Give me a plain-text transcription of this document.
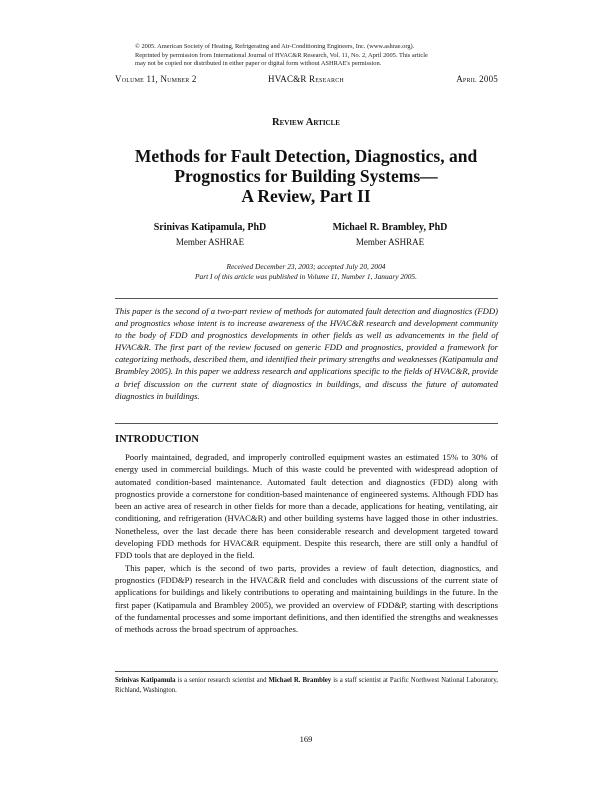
© 2005. American Society of Heating, Refrigerating and Air-Conditioning Engineers, Inc. (www.ashrae.org).
Reprinted by permission from International Journal of HVAC&R Research, Vol. 11, No. 2, April 2005. This article
may not be copied nor distributed in either paper or digital form without ASHRAE's permission.
Volume 11, Number 2	HVAC&R Research	April 2005
Review Article
Methods for Fault Detection, Diagnostics, and
Prognostics for Building Systems—
A Review, Part II
Srinivas Katipamula, PhD
Member ASHRAE
Michael R. Brambley, PhD
Member ASHRAE
Received December 23, 2003; accepted July 20, 2004
Part I of this article was published in Volume 11, Number 1, January 2005.
This paper is the second of a two-part review of methods for automated fault detection and diagnostics (FDD) and prognostics whose intent is to increase awareness of the HVAC&R research and development community to the body of FDD and prognostics developments in other fields as well as advancements in the field of HVAC&R. The first part of the review focused on generic FDD and prognostics, provided a framework for categorizing methods, described them, and identified their primary strengths and weaknesses (Katipamula and Brambley 2005). In this paper we address research and applications specific to the fields of HVAC&R, provide a brief discussion on the current state of diagnostics in buildings, and discuss the future of automated diagnostics in buildings.
INTRODUCTION

Poorly maintained, degraded, and improperly controlled equipment wastes an estimated 15% to 30% of energy used in commercial buildings. Much of this waste could be prevented with widespread adoption of automated condition-based maintenance. Automated fault detection and diagnostics (FDD) along with prognostics provide a cornerstone for condition-based maintenance of engineered systems. Although FDD has been an active area of research in other fields for more than a decade, applications for heating, ventilating, air conditioning, and refrigeration (HVAC&R) and other building systems have lagged those in other industries. Nonetheless, over the last decade there has been considerable research and development targeted toward developing FDD methods for HVAC&R equipment. Despite this research, there are still only a handful of FDD tools that are deployed in the field.

This paper, which is the second of two parts, provides a review of fault detection, diagnostics, and prognostics (FDD&P) research in the HVAC&R field and concludes with discussions of the current state of applications for buildings and likely contributions to operating and maintaining buildings in the future. In the first paper (Katipamula and Brambley 2005), we provided an overview of FDD&P, starting with descriptions of the fundamental processes and some important definitions, and then identified the strengths and weaknesses of methods across the broad spectrum of approaches.

Srinivas Katipamula is a senior research scientist and Michael R. Brambley is a staff scientist at Pacific Northwest National Laboratory, Richland, Washington.
169
